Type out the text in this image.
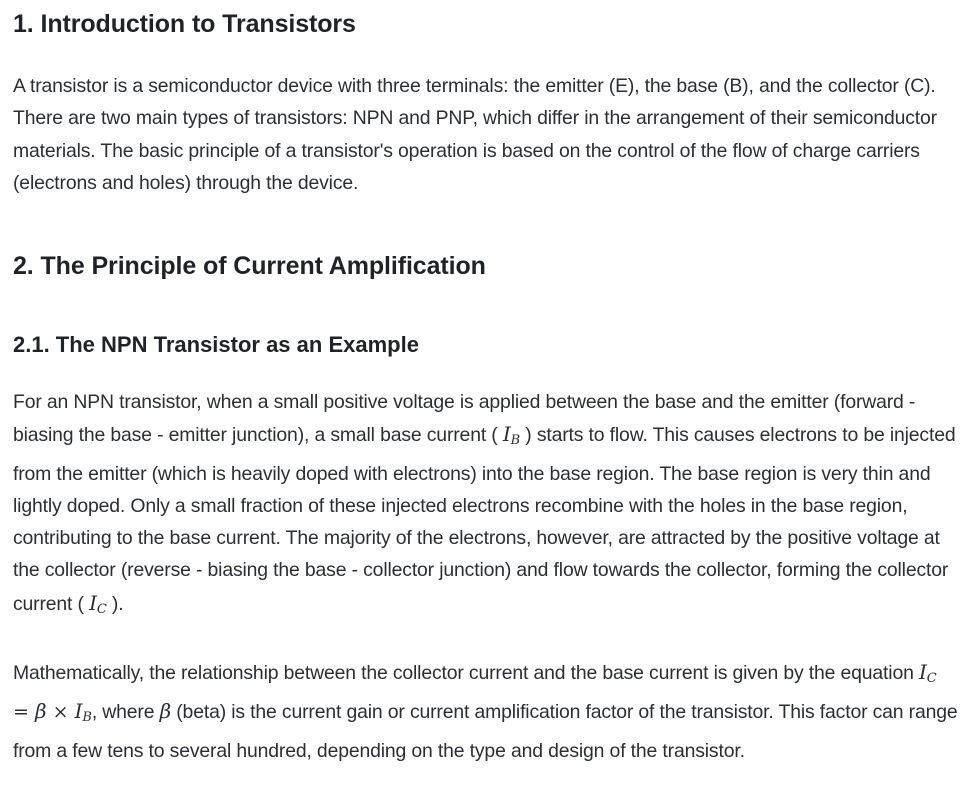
1. Introduction to Transistors

A transistor is a semiconductor device with three terminals: the emitter (E), the base (B), and the collector (C). There are two main types of transistors: NPN and PNP, which differ in the arrangement of their semiconductor materials. The basic principle of a transistor's operation is based on the control of the flow of charge carriers (electrons and holes) through the device.

2. The Principle of Current Amplification
2.1. The NPN Transistor as an Example

For an NPN transistor, when a small positive voltage is applied between the base and the emitter (forward - biasing the base - emitter junction), a small base current ( $I_B$ ) starts to flow. This causes electrons to be injected from the emitter (which is heavily doped with electrons) into the base region. The base region is very thin and lightly doped. Only a small fraction of these injected electrons recombine with the holes in the base region, contributing to the base current. The majority of the electrons, however, are attracted by the positive voltage at the collector (reverse - biasing the base - collector junction) and flow towards the collector, forming the collector current ( $I_C$ ).

Mathematically, the relationship between the collector current and the base current is given by the equation $I_C = \beta \times I_B$, where β (beta) is the current gain or current amplification factor of the transistor. This factor can range from a few tens to several hundred, depending on the type and design of the transistor.
